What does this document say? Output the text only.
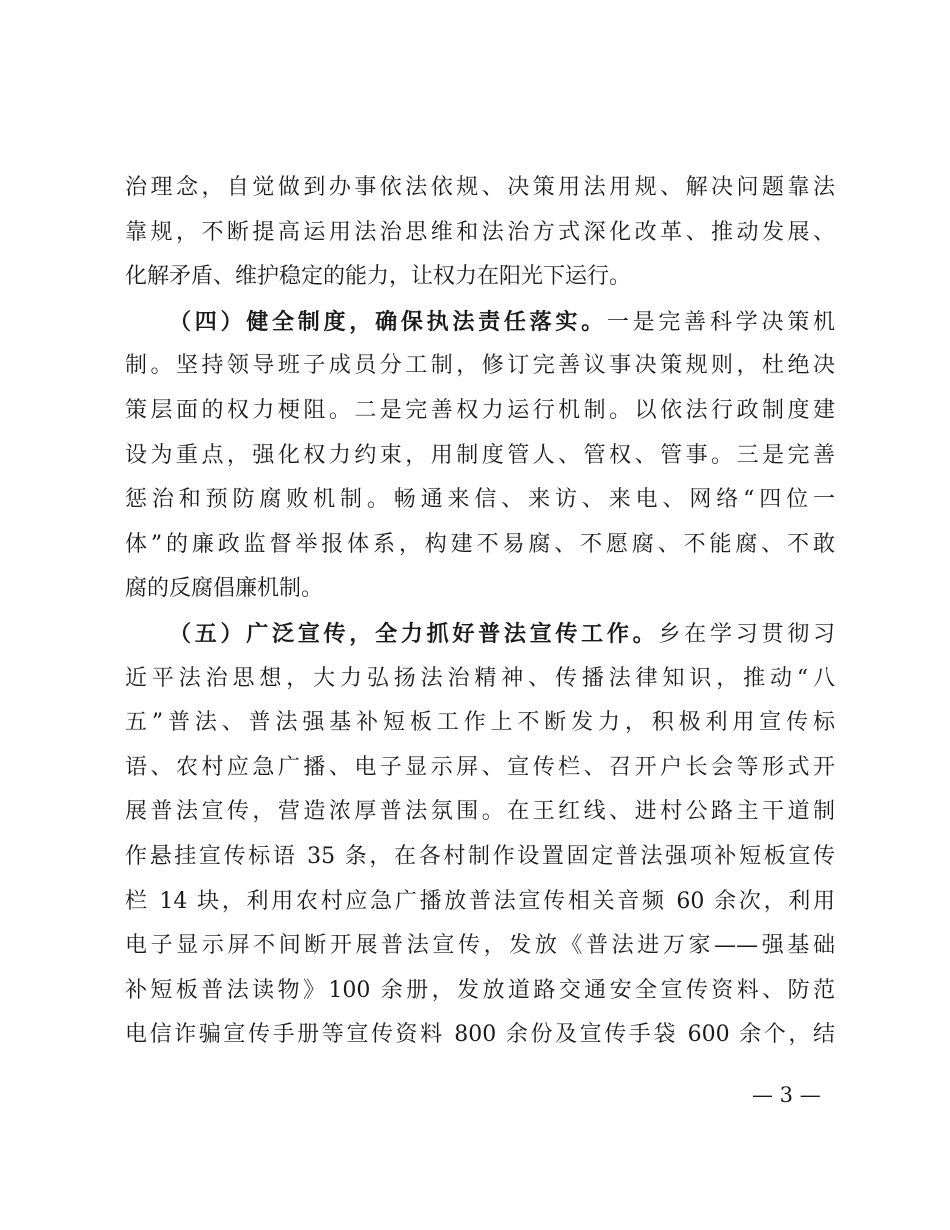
治理念，自觉做到办事依法依规、决策用法用规、解决问题靠法
靠规，不断提高运用法治思维和法治方式深化改革、推动发展、
化解矛盾、维护稳定的能力，让权力在阳光下运行。
（四）健全制度，确保执法责任落实。一是完善科学决策机
制。坚持领导班子成员分工制，修订完善议事决策规则，杜绝决
策层面的权力梗阻。二是完善权力运行机制。以依法行政制度建
设为重点，强化权力约束，用制度管人、管权、管事。三是完善
惩治和预防腐败机制。畅通来信、来访、来电、网络“四位一
体”的廉政监督举报体系，构建不易腐、不愿腐、不能腐、不敢
腐的反腐倡廉机制。
（五）广泛宣传，全力抓好普法宣传工作。乡在学习贯彻习
近平法治思想，大力弘扬法治精神、传播法律知识，推动“八
五”普法、普法强基补短板工作上不断发力，积极利用宣传标
语、农村应急广播、电子显示屏、宣传栏、召开户长会等形式开
展普法宣传，营造浓厚普法氛围。在王红线、进村公路主干道制
作悬挂宣传标语 35 条，在各村制作设置固定普法强项补短板宣传
栏 14 块，利用农村应急广播放普法宣传相关音频 60 余次，利用
电子显示屏不间断开展普法宣传，发放《普法进万家——强基础
补短板普法读物》100 余册，发放道路交通安全宣传资料、防范
电信诈骗宣传手册等宣传资料 800 余份及宣传手袋 600 余个，结
— 3 —
